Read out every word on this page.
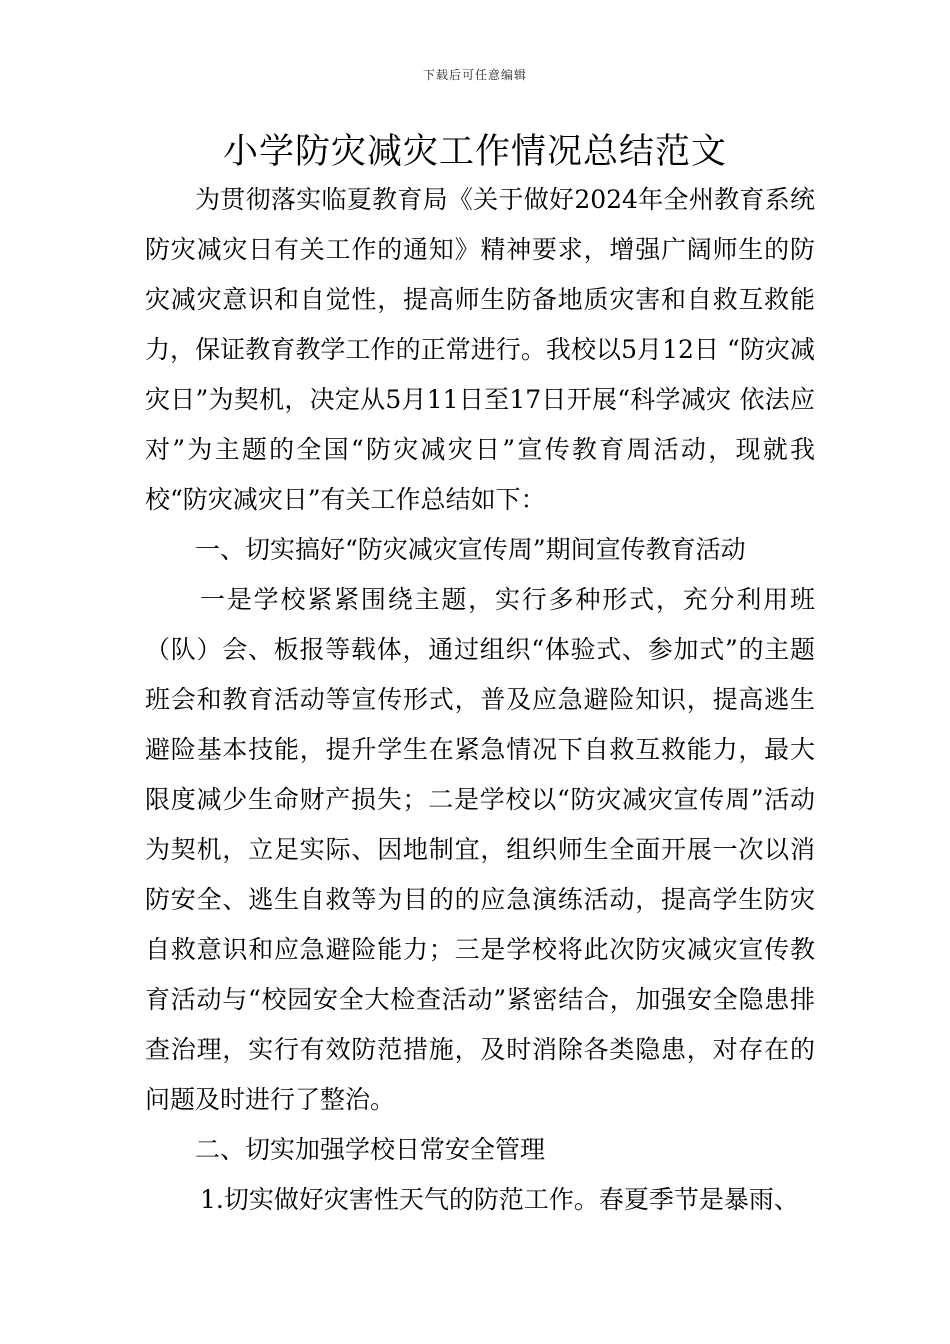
下载后可任意编辑
小学防灾减灾工作情况总结范文

为贯彻落实临夏教育局《关于做好2024年全州教育系统防灾减灾日有关工作的通知》精神要求，增强广阔师生的防灾减灾意识和自觉性，提高师生防备地质灾害和自救互救能力，保证教育教学工作的正常进行。我校以5月12日 “防灾减灾日”为契机，决定从5月11日至17日开展“科学减灾 依法应对”为主题的全国“防灾减灾日”宣传教育周活动，现就我校“防灾减灾日”有关工作总结如下：

一、切实搞好“防灾减灾宣传周”期间宣传教育活动

一是学校紧紧围绕主题，实行多种形式，充分利用班（队）会、板报等载体，通过组织“体验式、参加式”的主题班会和教育活动等宣传形式，普及应急避险知识，提高逃生避险基本技能，提升学生在紧急情况下自救互救能力，最大限度减少生命财产损失；二是学校以“防灾减灾宣传周”活动为契机，立足实际、因地制宜，组织师生全面开展一次以消防安全、逃生自救等为目的的应急演练活动，提高学生防灾自救意识和应急避险能力；三是学校将此次防灾减灾宣传教育活动与“校园安全大检查活动”紧密结合，加强安全隐患排查治理，实行有效防范措施，及时消除各类隐患，对存在的问题及时进行了整治。

二、切实加强学校日常安全管理

1.切实做好灾害性天气的防范工作。春夏季节是暴雨、
